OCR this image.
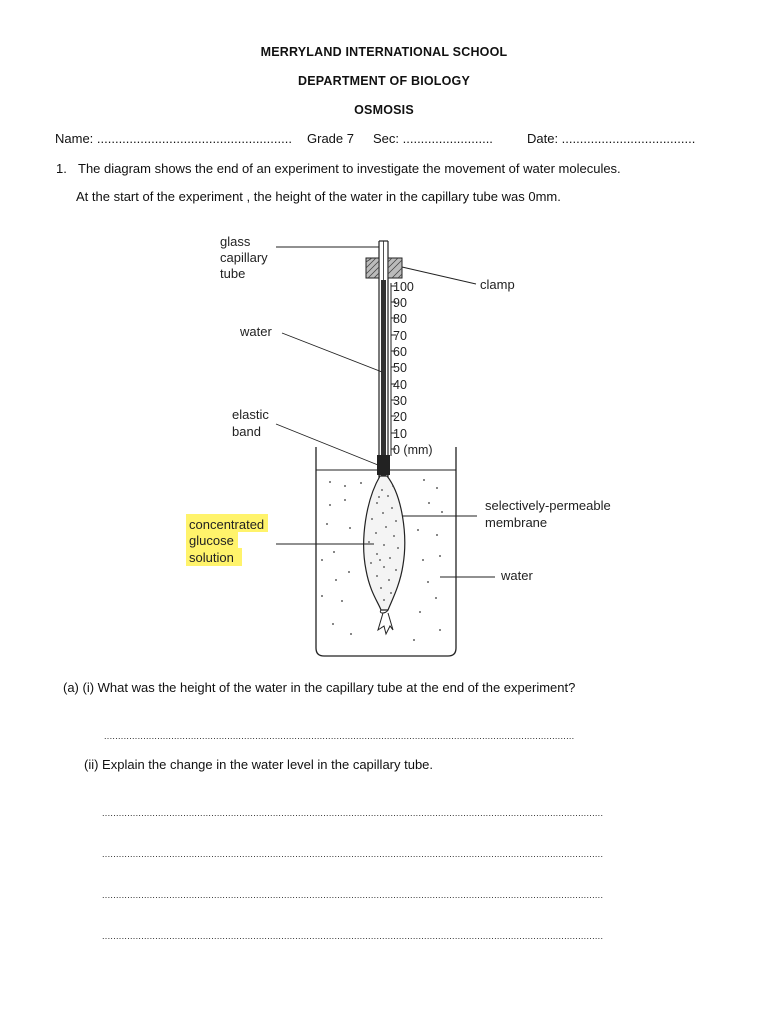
MERRYLAND INTERNATIONAL SCHOOL
DEPARTMENT OF BIOLOGY
OSMOSIS
Name: ...................................................... Grade 7 Sec: .........................	Date: .....................................
1. The diagram shows the end of an experiment to investigate the movement of water molecules.
At the start of the experiment , the height of the water in the capillary tube was 0mm.
100
90
80
70
60
50
40
30
20
10
0 (mm)
glass
capillary
tube
clamp
water
elastic
band
concentrated
glucose
solution
selectively-permeable
membrane
water
(a) (i) What was the height of the water in the capillary tube at the end of the experiment?
........................................................................................................................................................................
(ii) Explain the change in the water level in the capillary tube.
...................................................................................................................................................................................
...................................................................................................................................................................................
...................................................................................................................................................................................
...................................................................................................................................................................................
